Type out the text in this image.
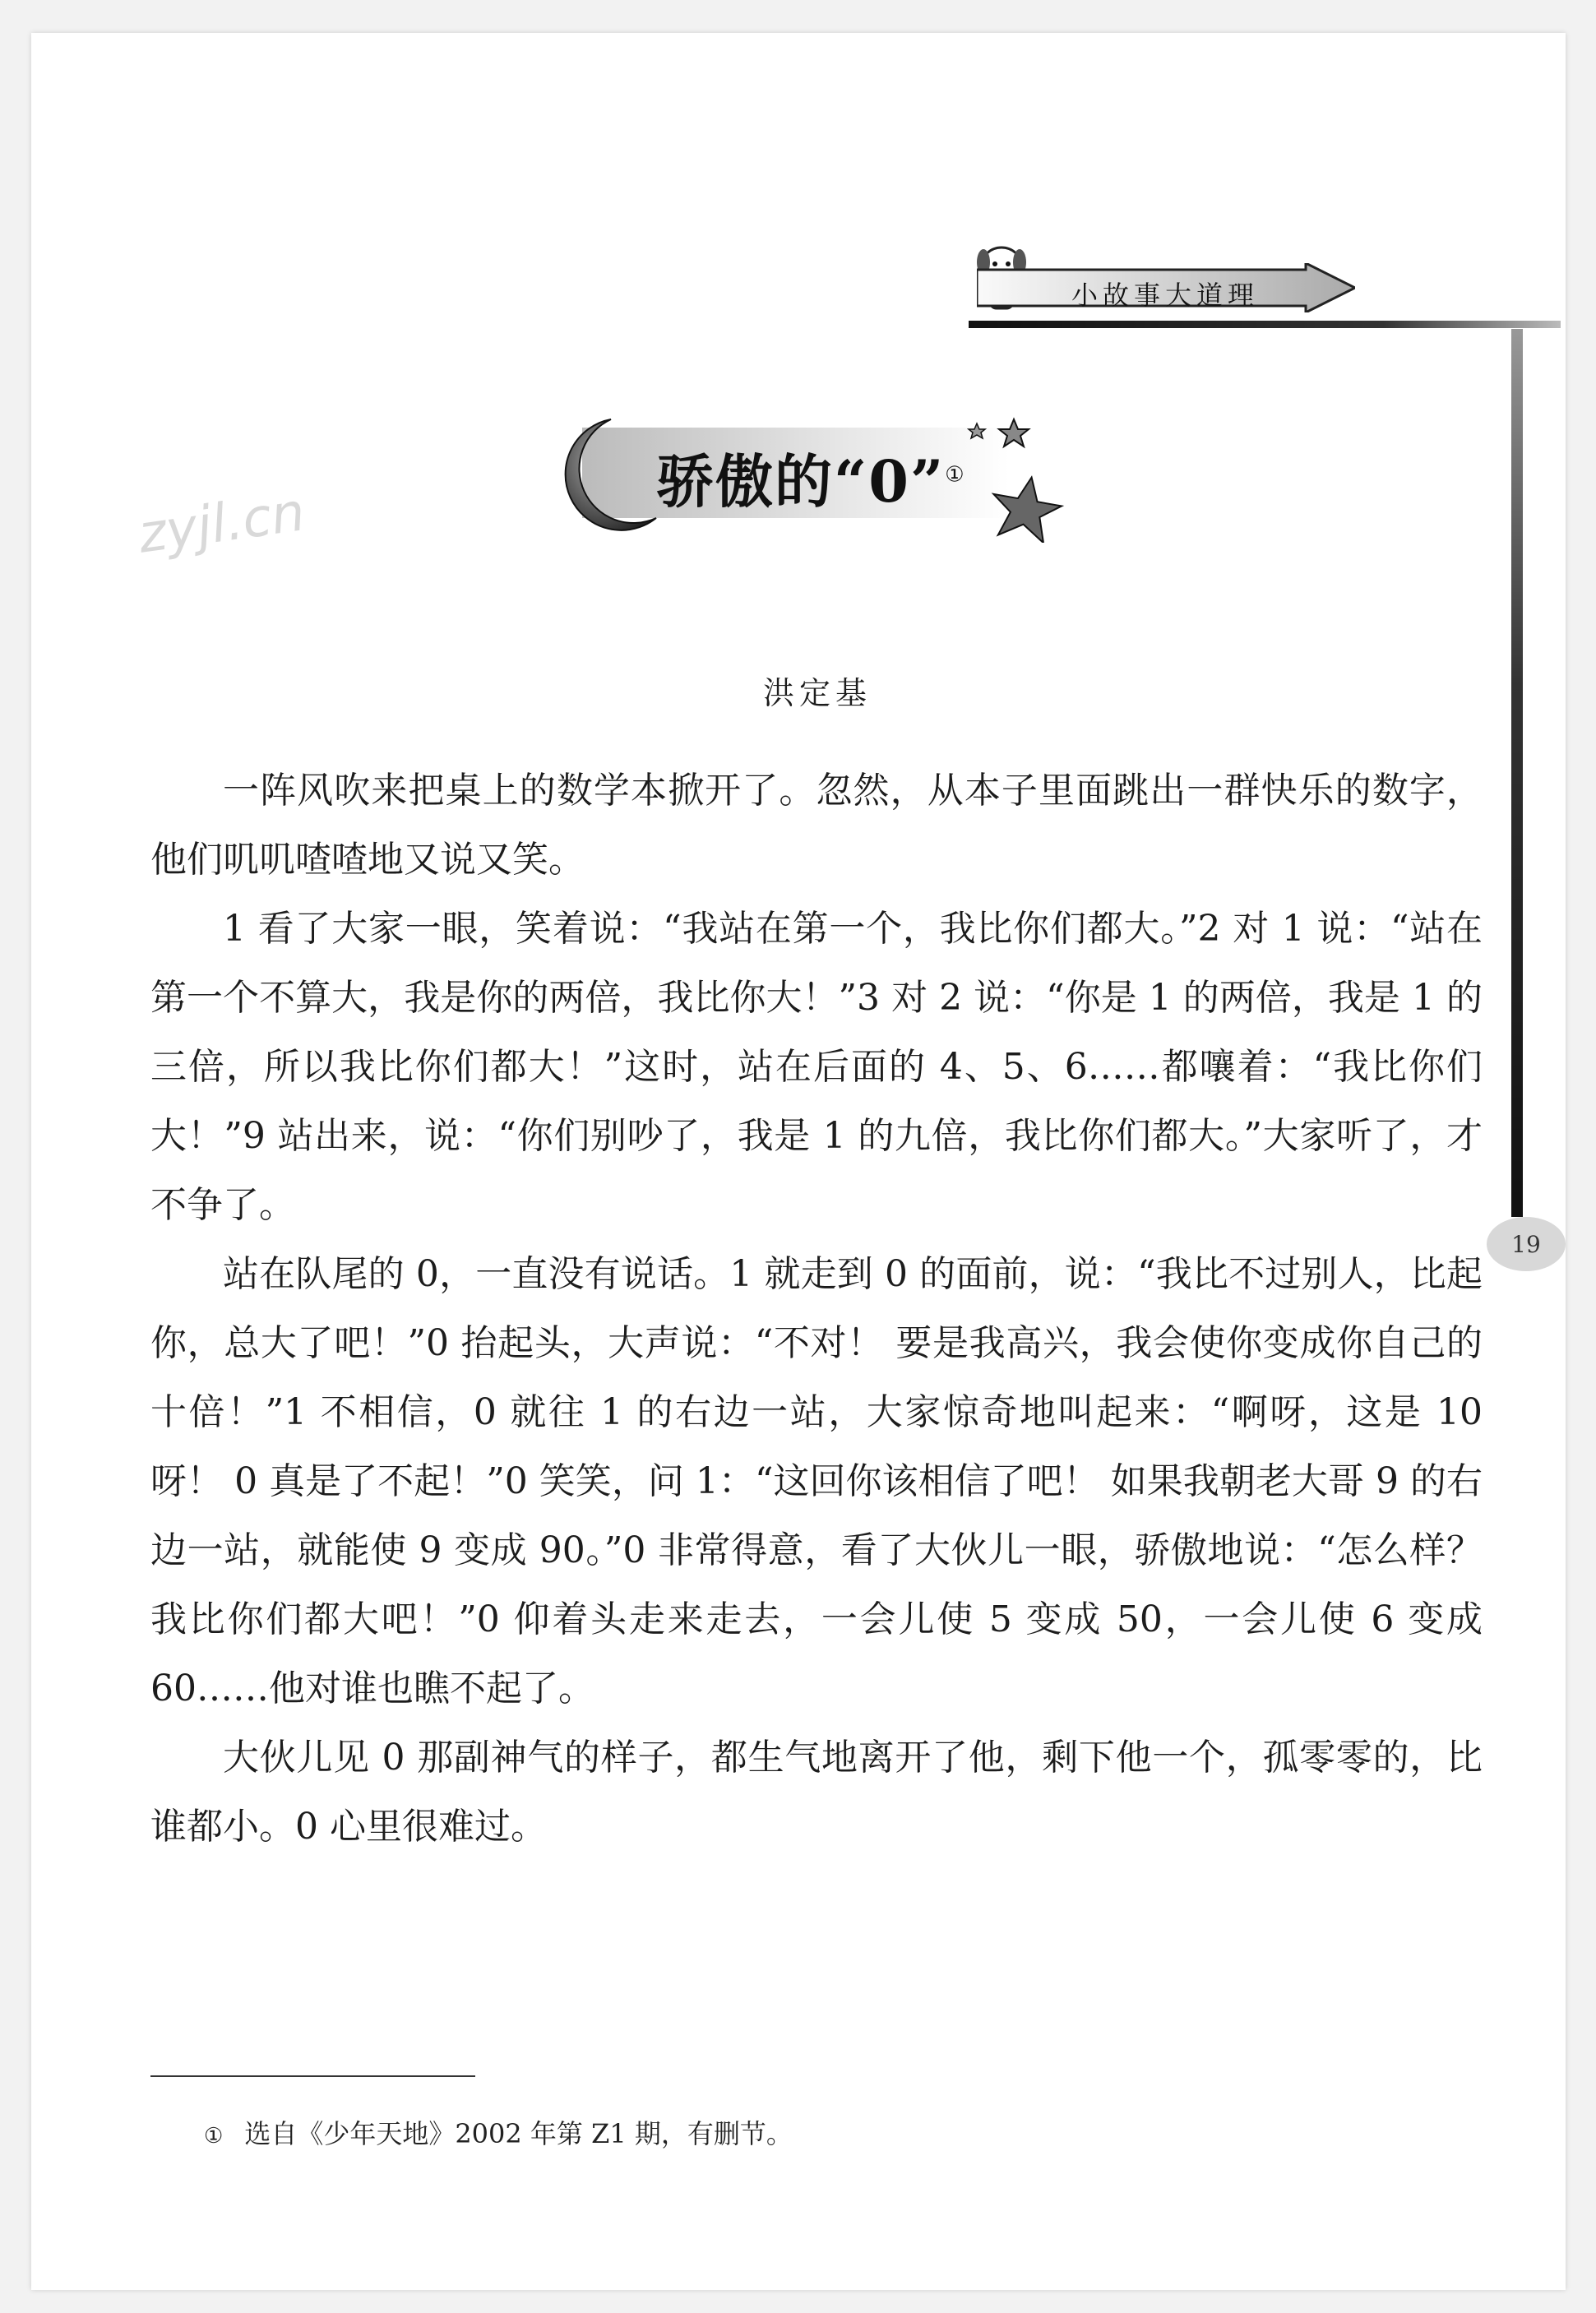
小故事大道理
骄傲的“0”①
zyjl.cn
洪定基

一阵风吹来把桌上的数学本掀开了。忽然，从本子里面跳出一群快乐的数字，他们叽叽喳喳地又说又笑。

1 看了大家一眼，笑着说：“我站在第一个，我比你们都大。”2 对 1 说：“站在第一个不算大，我是你的两倍，我比你大！”3 对 2 说：“你是 1 的两倍，我是 1 的三倍，所以我比你们都大！”这时，站在后面的 4、5、6……都嚷着：“我比你们大！”9 站出来，说：“你们别吵了，我是 1 的九倍，我比你们都大。”大家听了，才不争了。

站在队尾的 0，一直没有说话。1 就走到 0 的面前，说：“我比不过别人，比起你，总大了吧！”0 抬起头，大声说：“不对！ 要是我高兴，我会使你变成你自己的十倍！”1 不相信，0 就往 1 的右边一站，大家惊奇地叫起来：“啊呀，这是 10 呀！ 0 真是了不起！”0 笑笑，问 1：“这回你该相信了吧！ 如果我朝老大哥 9 的右边一站，就能使 9 变成 90。”0 非常得意，看了大伙儿一眼，骄傲地说：“怎么样？ 我比你们都大吧！”0 仰着头走来走去，一会儿使 5 变成 50，一会儿使 6 变成 60……他对谁也瞧不起了。

大伙儿见 0 那副神气的样子，都生气地离开了他，剩下他一个，孤零零的，比谁都小。0 心里很难过。

19
① 选自《少年天地》2002 年第 Z1 期，有删节。
